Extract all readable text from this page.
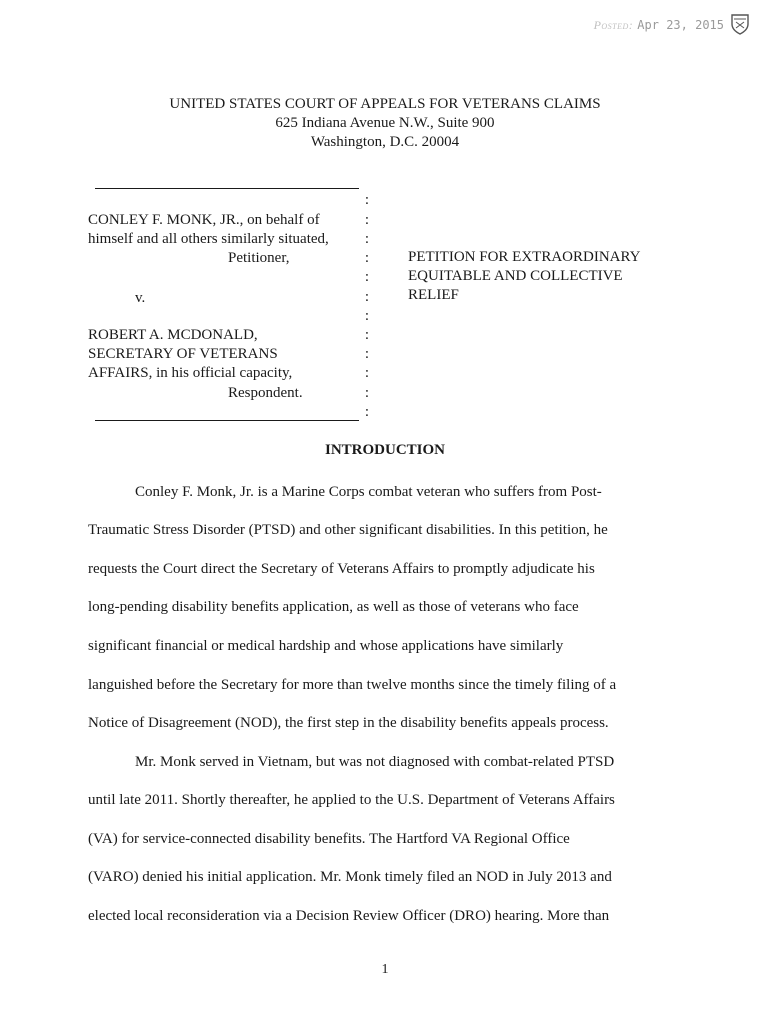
Posted: Apr 23, 2015
UNITED STATES COURT OF APPEALS FOR VETERANS CLAIMS
625 Indiana Avenue N.W., Suite 900
Washington, D.C. 20004
CONLEY F. MONK, JR., on behalf of
himself and all others similarly situated,
Petitioner,
v.
ROBERT A. MCDONALD,
SECRETARY OF VETERANS
AFFAIRS, in his official capacity,
Respondent.
:
:
:
:
:
:
:
:
:
:
:
:
PETITION FOR EXTRAORDINARY
EQUITABLE AND COLLECTIVE
RELIEF
INTRODUCTION
Conley F. Monk, Jr. is a Marine Corps combat veteran who suffers from Post-
Traumatic Stress Disorder (PTSD) and other significant disabilities. In this petition, he
requests the Court direct the Secretary of Veterans Affairs to promptly adjudicate his
long-pending disability benefits application, as well as those of veterans who face
significant financial or medical hardship and whose applications have similarly
languished before the Secretary for more than twelve months since the timely filing of a
Notice of Disagreement (NOD), the first step in the disability benefits appeals process.
Mr. Monk served in Vietnam, but was not diagnosed with combat-related PTSD
until late 2011. Shortly thereafter, he applied to the U.S. Department of Veterans Affairs
(VA) for service-connected disability benefits. The Hartford VA Regional Office
(VARO) denied his initial application. Mr. Monk timely filed an NOD in July 2013 and
elected local reconsideration via a Decision Review Officer (DRO) hearing. More than
1
